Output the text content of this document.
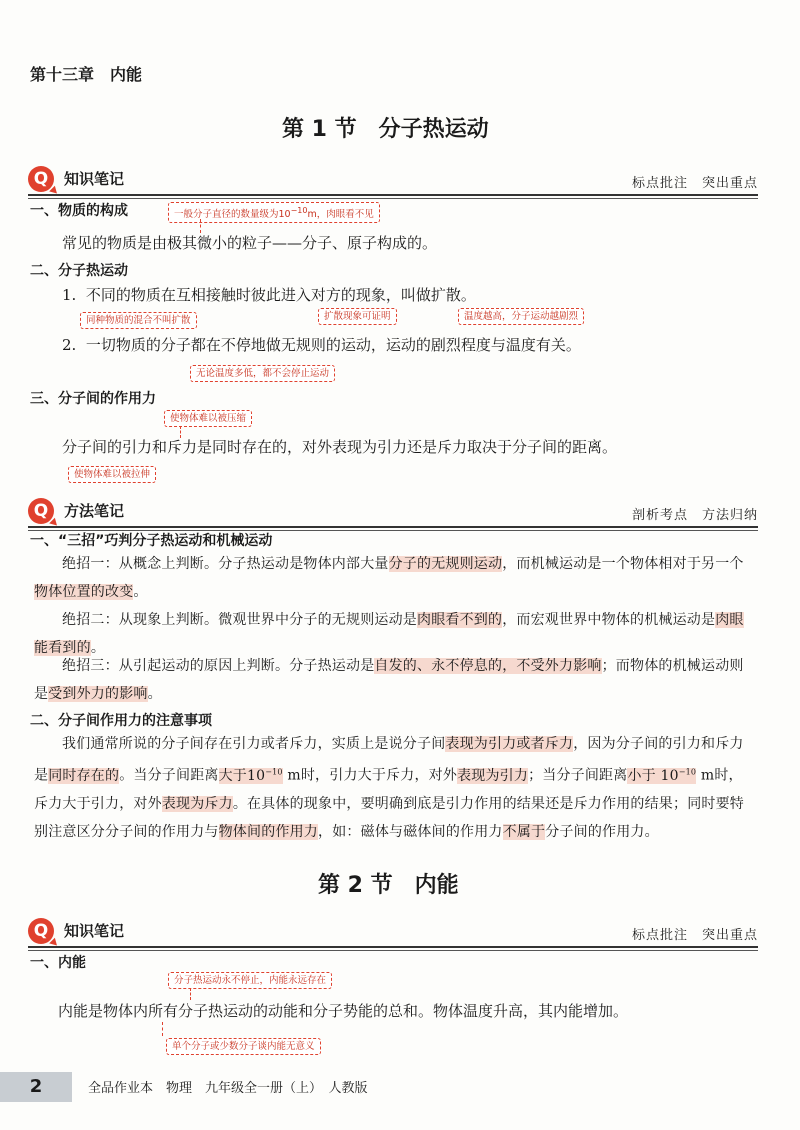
第十三章　内能
第 1 节　分子热运动
Q	知识笔记	标点批注　突出重点
一、物质的构成	一般分子直径的数量级为$10^{-10}m$，肉眼看不见
常见的物质是由极其微小的粒子——分子、原子构成的。
二、分子热运动
1. 不同的物质在互相接触时彼此进入对方的现象，叫做扩散。
同种物质的混合不叫扩散	扩散现象可证明	温度越高，分子运动越剧烈
2. 一切物质的分子都在不停地做无规则的运动，运动的剧烈程度与温度有关。
无论温度多低，都不会停止运动
三、分子间的作用力
使物体难以被压缩
分子间的引力和斥力是同时存在的，对外表现为引力还是斥力取决于分子间的距离。
使物体难以被拉伸
Q	方法笔记	剖析考点　方法归纳
一、“三招”巧判分子热运动和机械运动
绝招一：从概念上判断。分子热运动是物体内部大量分子的无规则运动，而机械运动是一个物体相对于另一个物体位置的改变。
绝招二：从现象上判断。微观世界中分子的无规则运动是肉眼看不到的，而宏观世界中物体的机械运动是肉眼能看到的。
绝招三：从引起运动的原因上判断。分子热运动是自发的、永不停息的，不受外力影响；而物体的机械运动则是受到外力的影响。
二、分子间作用力的注意事项
我们通常所说的分子间存在引力或者斥力，实质上是说分子间表现为引力或者斥力，因为分子间的引力和斥力是同时存在的。当分子间距离大于$10^{-10}$ m时，引力大于斥力，对外表现为引力；当分子间距离小于 $10^{-10}$ m时，斥力大于引力，对外表现为斥力。在具体的现象中，要明确到底是引力作用的结果还是斥力作用的结果；同时要特别注意区分分子间的作用力与物体间的作用力，如：磁体与磁体间的作用力不属于分子间的作用力。
第 2 节　内能
Q	知识笔记	标点批注　突出重点
一、内能
分子热运动永不停止，内能永远存在
内能是物体内所有分子热运动的动能和分子势能的总和。物体温度升高，其内能增加。
单个分子或少数分子谈内能无意义
2	全品作业本　物理　九年级全一册（上）　人教版
